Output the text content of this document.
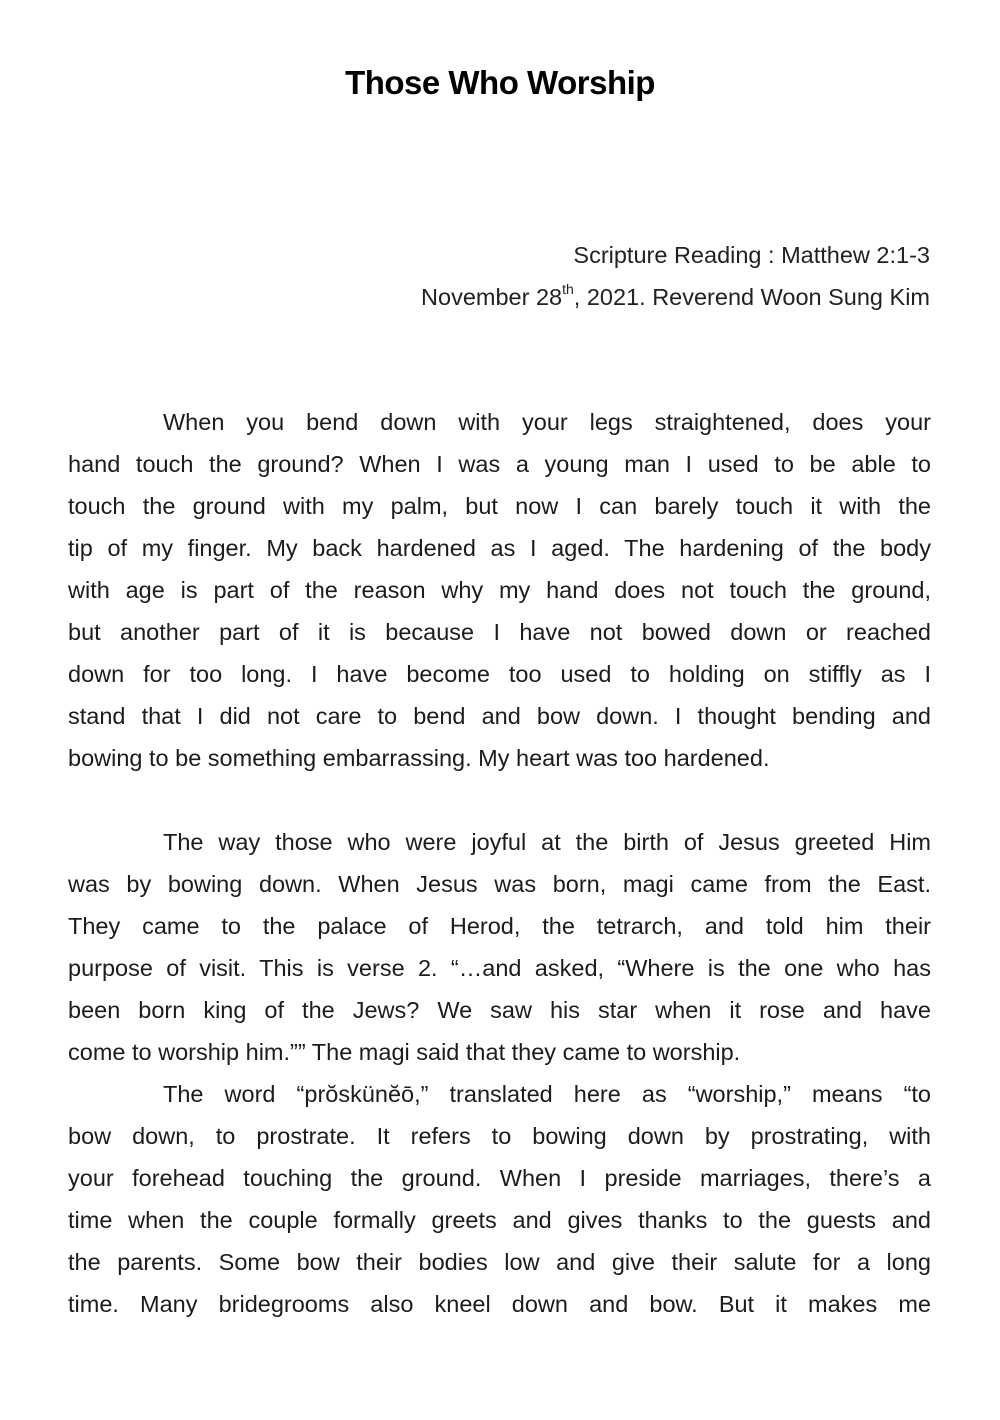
Those Who Worship
Scripture Reading : Matthew 2:1-3
November 28th, 2021. Reverend Woon Sung Kim
When you bend down with your legs straightened, does your
hand touch the ground? When I was a young man I used to be able to
touch the ground with my palm, but now I can barely touch it with the
tip of my finger. My back hardened as I aged. The hardening of the body
with age is part of the reason why my hand does not touch the ground,
but another part of it is because I have not bowed down or reached
down for too long. I have become too used to holding on stiffly as I
stand that I did not care to bend and bow down. I thought bending and
bowing to be something embarrassing. My heart was too hardened.
The way those who were joyful at the birth of Jesus greeted Him
was by bowing down. When Jesus was born, magi came from the East.
They came to the palace of Herod, the tetrarch, and told him their
purpose of visit. This is verse 2. “…and asked, “Where is the one who has
been born king of the Jews? We saw his star when it rose and have
come to worship him.”” The magi said that they came to worship.
The word “prŏskünĕō,” translated here as “worship,” means “to
bow down, to prostrate. It refers to bowing down by prostrating, with
your forehead touching the ground. When I preside marriages, there’s a
time when the couple formally greets and gives thanks to the guests and
the parents. Some bow their bodies low and give their salute for a long
time. Many bridegrooms also kneel down and bow. But it makes me
